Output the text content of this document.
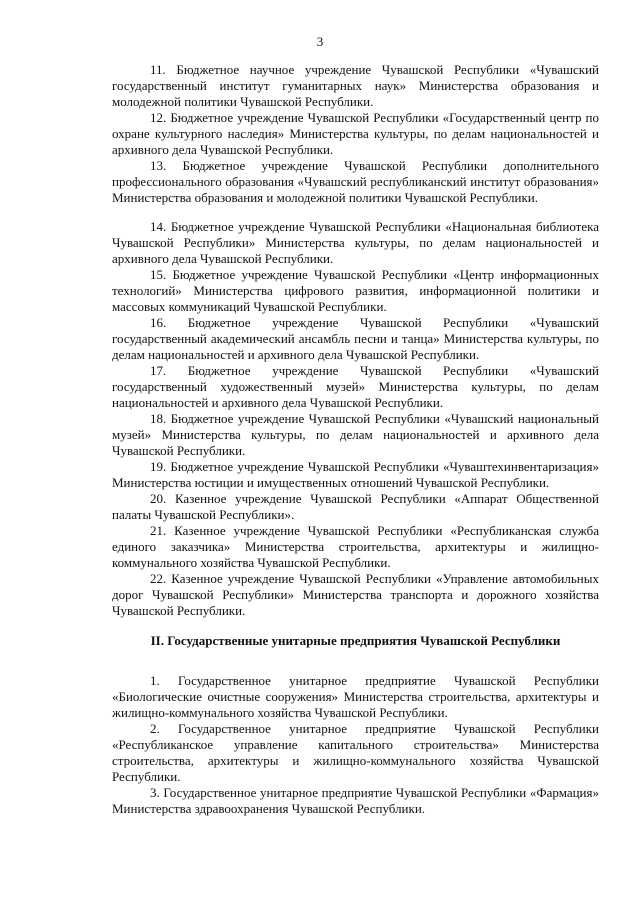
3

11. Бюджетное научное учреждение Чувашской Республики «Чувашский государственный институт гуманитарных наук» Министерства образования и молодежной политики Чувашской Республики.

12. Бюджетное учреждение Чувашской Республики «Государственный центр по охране культурного наследия» Министерства культуры, по делам национальностей и архивного дела Чувашской Республики.

13. Бюджетное учреждение Чувашской Республики дополнительного профессионального образования «Чувашский республиканский институт образования» Министерства образования и молодежной политики Чувашской Республики.

14. Бюджетное учреждение Чувашской Республики «Национальная библиотека Чувашской Республики» Министерства культуры, по делам национальностей и архивного дела Чувашской Республики.

15. Бюджетное учреждение Чувашской Республики «Центр информационных технологий» Министерства цифрового развития, информационной политики и массовых коммуникаций Чувашской Республики.

16. Бюджетное учреждение Чувашской Республики «Чувашский государственный академический ансамбль песни и танца» Министерства культуры, по делам национальностей и архивного дела Чувашской Республики.

17. Бюджетное учреждение Чувашской Республики «Чувашский государственный художественный музей» Министерства культуры, по делам национальностей и архивного дела Чувашской Республики.

18. Бюджетное учреждение Чувашской Республики «Чувашский национальный музей» Министерства культуры, по делам национальностей и архивного дела Чувашской Республики.

19. Бюджетное учреждение Чувашской Республики «Чуваштехинвентаризация» Министерства юстиции и имущественных отношений Чувашской Республики.

20. Казенное учреждение Чувашской Республики «Аппарат Общественной палаты Чувашской Республики».

21. Казенное учреждение Чувашской Республики «Республиканская служба единого заказчика» Министерства строительства, архитектуры и жилищно-коммунального хозяйства Чувашской Республики.

22. Казенное учреждение Чувашской Республики «Управление автомобильных дорог Чувашской Республики» Министерства транспорта и дорожного хозяйства Чувашской Республики.

II. Государственные унитарные предприятия Чувашской Республики

1. Государственное унитарное предприятие Чувашской Республики «Биологические очистные сооружения» Министерства строительства, архитектуры и жилищно-коммунального хозяйства Чувашской Республики.

2. Государственное унитарное предприятие Чувашской Республики «Республиканское управление капитального строительства» Министерства строительства, архитектуры и жилищно-коммунального хозяйства Чувашской Республики.

3. Государственное унитарное предприятие Чувашской Республики «Фармация» Министерства здравоохранения Чувашской Республики.
